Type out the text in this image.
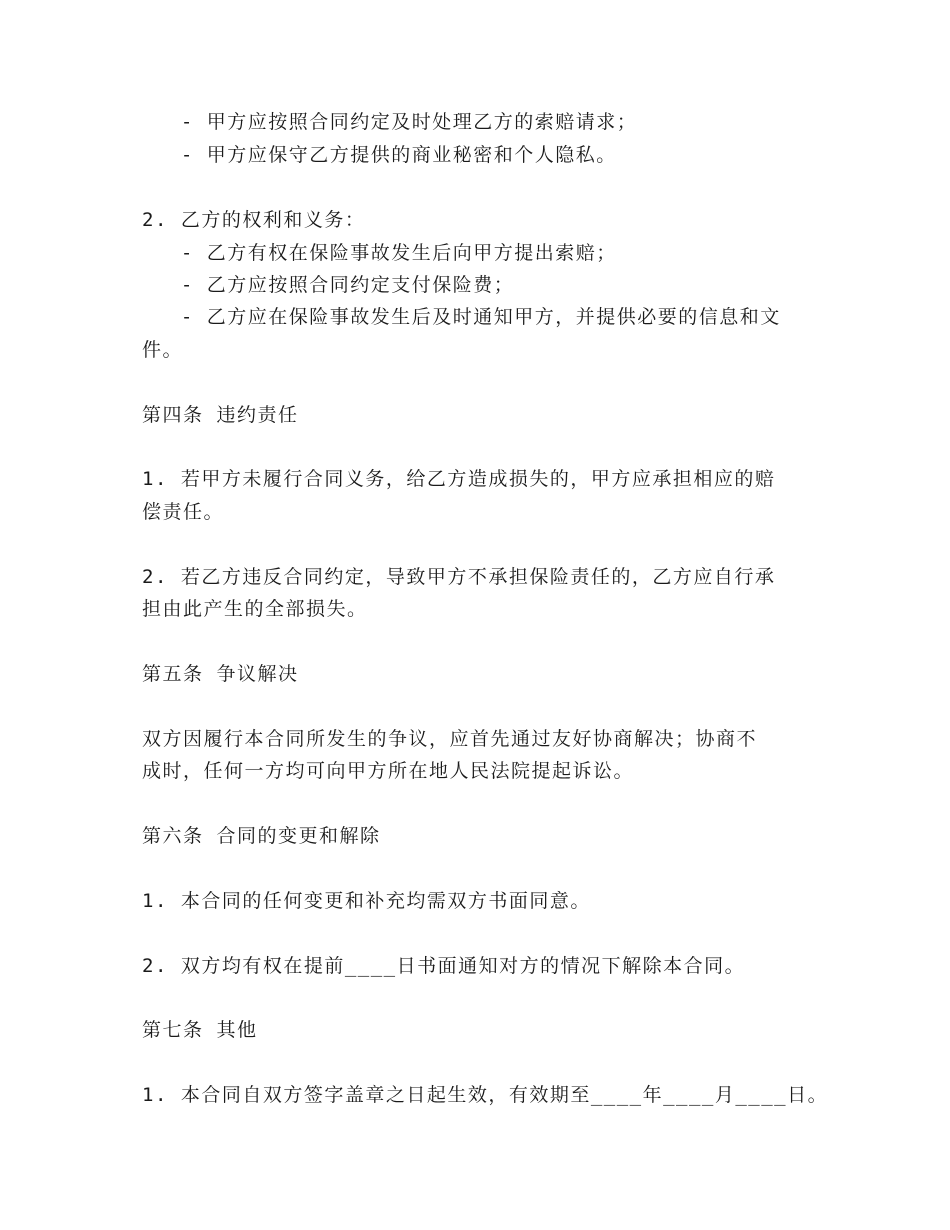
- 甲方应按照合同约定及时处理乙方的索赔请求；
- 甲方应保守乙方提供的商业秘密和个人隐私。
2. 乙方的权利和义务：
- 乙方有权在保险事故发生后向甲方提出索赔；
- 乙方应按照合同约定支付保险费；
- 乙方应在保险事故发生后及时通知甲方，并提供必要的信息和文
件。
第四条 违约责任
1. 若甲方未履行合同义务，给乙方造成损失的，甲方应承担相应的赔
偿责任。
2. 若乙方违反合同约定，导致甲方不承担保险责任的，乙方应自行承
担由此产生的全部损失。
第五条 争议解决
双方因履行本合同所发生的争议，应首先通过友好协商解决；协商不
成时，任何一方均可向甲方所在地人民法院提起诉讼。
第六条 合同的变更和解除
1. 本合同的任何变更和补充均需双方书面同意。
2. 双方均有权在提前____日书面通知对方的情况下解除本合同。
第七条 其他
1. 本合同自双方签字盖章之日起生效，有效期至____年____月____日。
